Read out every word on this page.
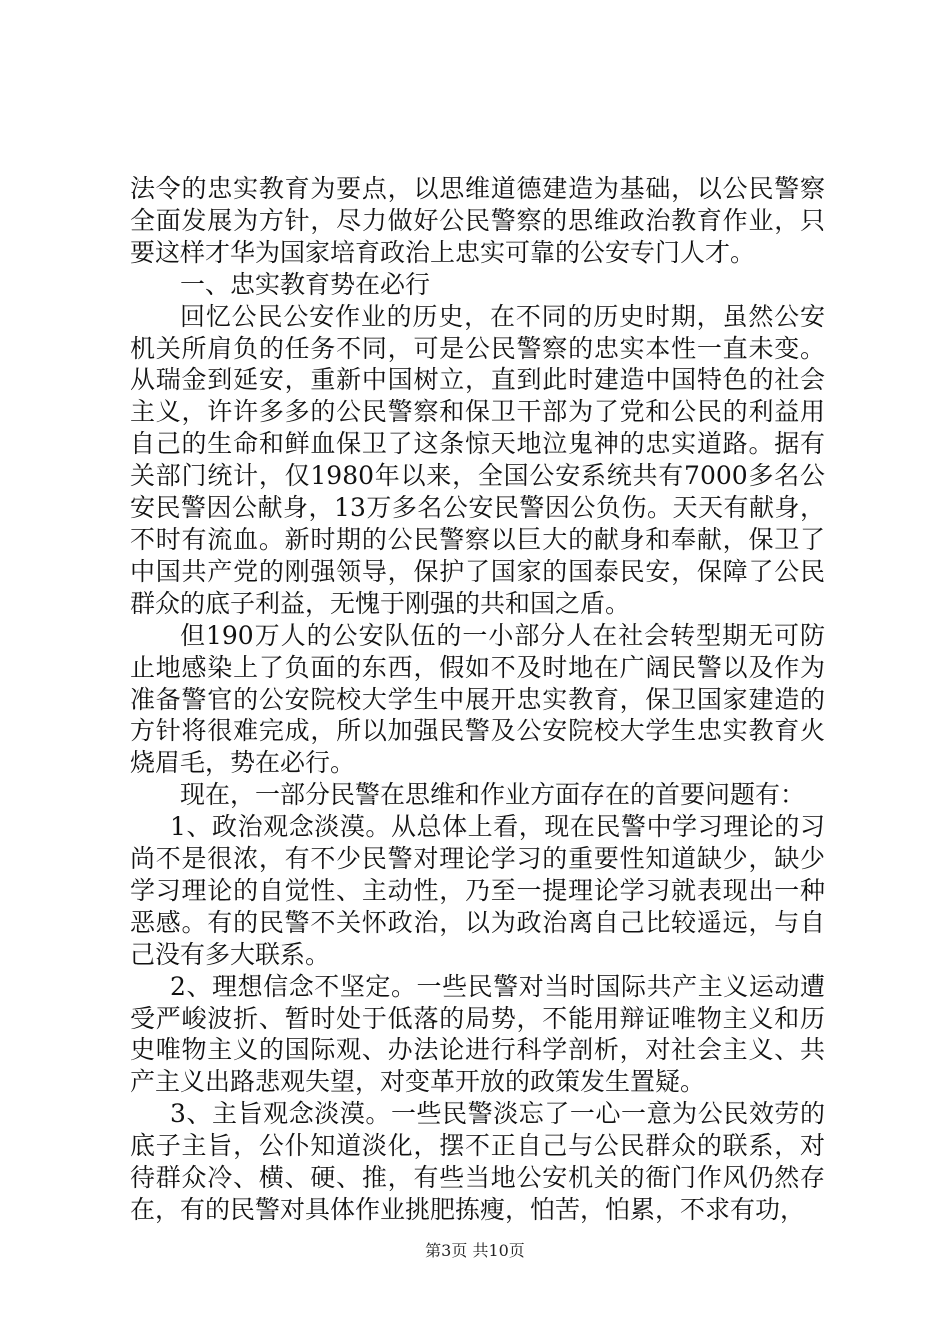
法令的忠实教育为要点，以思维道德建造为基础，以公民警察全面发展为方针，尽力做好公民警察的思维政治教育作业，只要这样才华为国家培育政治上忠实可靠的公安专门人才。

一、忠实教育势在必行

回忆公民公安作业的历史，在不同的历史时期，虽然公安机关所肩负的任务不同，可是公民警察的忠实本性一直未变。从瑞金到延安，重新中国树立，直到此时建造中国特色的社会主义，许许多多的公民警察和保卫干部为了党和公民的利益用自己的生命和鲜血保卫了这条惊天地泣鬼神的忠实道路。据有关部门统计，仅1980年以来，全国公安系统共有7000多名公安民警因公献身，13万多名公安民警因公负伤。天天有献身，不时有流血。新时期的公民警察以巨大的献身和奉献，保卫了中国共产党的刚强领导，保护了国家的国泰民安，保障了公民群众的底子利益，无愧于刚强的共和国之盾。

但190万人的公安队伍的一小部分人在社会转型期无可防止地感染上了负面的东西，假如不及时地在广阔民警以及作为准备警官的公安院校大学生中展开忠实教育，保卫国家建造的方针将很难完成，所以加强民警及公安院校大学生忠实教育火烧眉毛，势在必行。

现在，一部分民警在思维和作业方面存在的首要问题有：

1、政治观念淡漠。从总体上看，现在民警中学习理论的习尚不是很浓，有不少民警对理论学习的重要性知道缺少，缺少学习理论的自觉性、主动性，乃至一提理论学习就表现出一种恶感。有的民警不关怀政治，以为政治离自己比较遥远，与自己没有多大联系。

2、理想信念不坚定。一些民警对当时国际共产主义运动遭受严峻波折、暂时处于低落的局势，不能用辩证唯物主义和历史唯物主义的国际观、办法论进行科学剖析，对社会主义、共产主义出路悲观失望，对变革开放的政策发生置疑。

3、主旨观念淡漠。一些民警淡忘了一心一意为公民效劳的底子主旨，公仆知道淡化，摆不正自己与公民群众的联系，对待群众冷、横、硬、推，有些当地公安机关的衙门作风仍然存在，有的民警对具体作业挑肥拣瘦，怕苦，怕累，不求有功，

第3页 共10页
